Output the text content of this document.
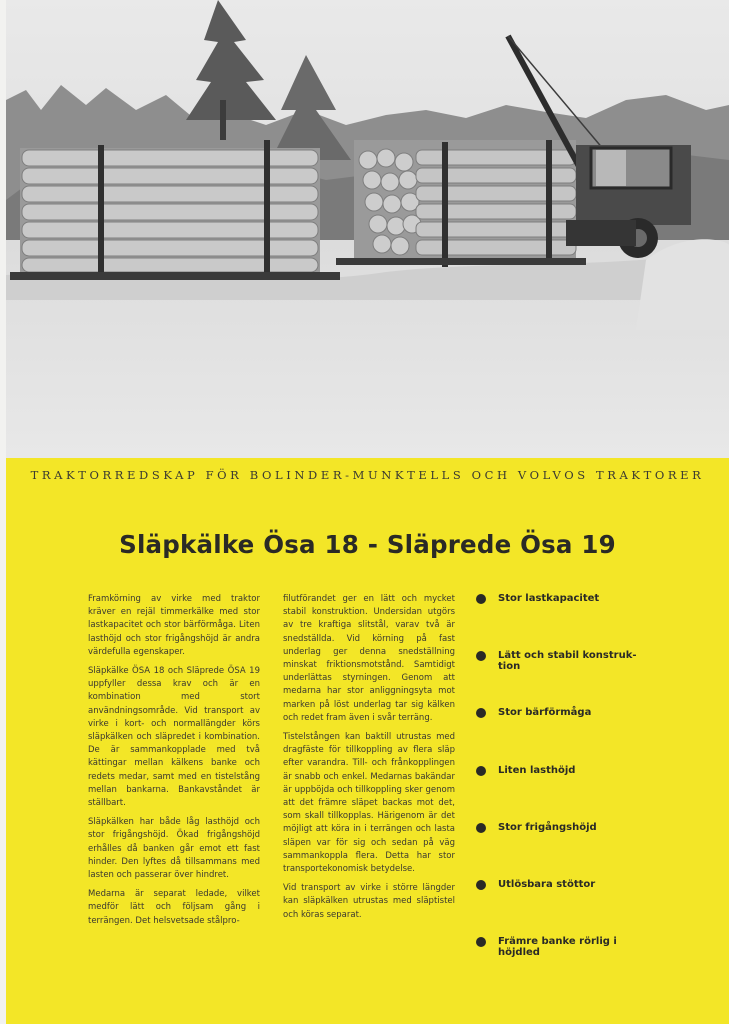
TRAKTORREDSKAP FÖR BOLINDER-MUNKTELLS OCH VOLVOS TRAKTORER
Släpkälke Ösa 18 - Släprede Ösa 19

Framkörning av virke med traktor kräver en rejäl timmerkälke med stor lastkapacitet och stor bärförmåga. Liten lasthöjd och stor frigångshöjd är andra värdefulla egenskaper.

Släpkälke ÖSA 18 och Släprede ÖSA 19 uppfyller dessa krav och är en kombination med stort användningsområde. Vid transport av virke i kort- och normallängder körs släpkälken och släpredet i kombination. De är sammankopplade med två kättingar mellan kälkens banke och redets medar, samt med en tistelstång mellan bankarna. Bankavståndet är ställbart.

Släpkälken har både låg lasthöjd och stor frigångshöjd. Ökad frigångshöjd erhålles då banken går emot ett fast hinder. Den lyftes då tillsammans med lasten och passerar över hindret.

Medarna är separat ledade, vilket medför lätt och följsam gång i terrängen. Det helsvetsade stålpro-

filutförandet ger en lätt och mycket stabil konstruktion. Undersidan utgörs av tre kraftiga slitstål, varav två är snedställda. Vid körning på fast underlag ger denna snedställning minskat friktionsmotstånd. Samtidigt underlättas styrningen. Genom att medarna har stor anliggningsyta mot marken på löst underlag tar sig kälken och redet fram även i svår terräng.

Tistelstången kan baktill utrustas med dragfäste för tillkoppling av flera släp efter varandra. Till- och frånkopplingen är snabb och enkel. Medarnas bakändar är uppböjda och tillkoppling sker genom att det främre släpet backas mot det, som skall tillkopplas. Härigenom är det möjligt att köra in i terrängen och lasta släpen var för sig och sedan på väg sammankoppla flera. Detta har stor transportekonomisk betydelse.

Vid transport av virke i större längder kan släpkälken utrustas med släptistel och köras separat.

Stor lastkapacitet
Lätt och stabil konstruk-tion
Stor bärförmåga
Liten lasthöjd
Stor frigångshöjd
Utlösbara stöttor
Främre banke rörlig i höjdled
